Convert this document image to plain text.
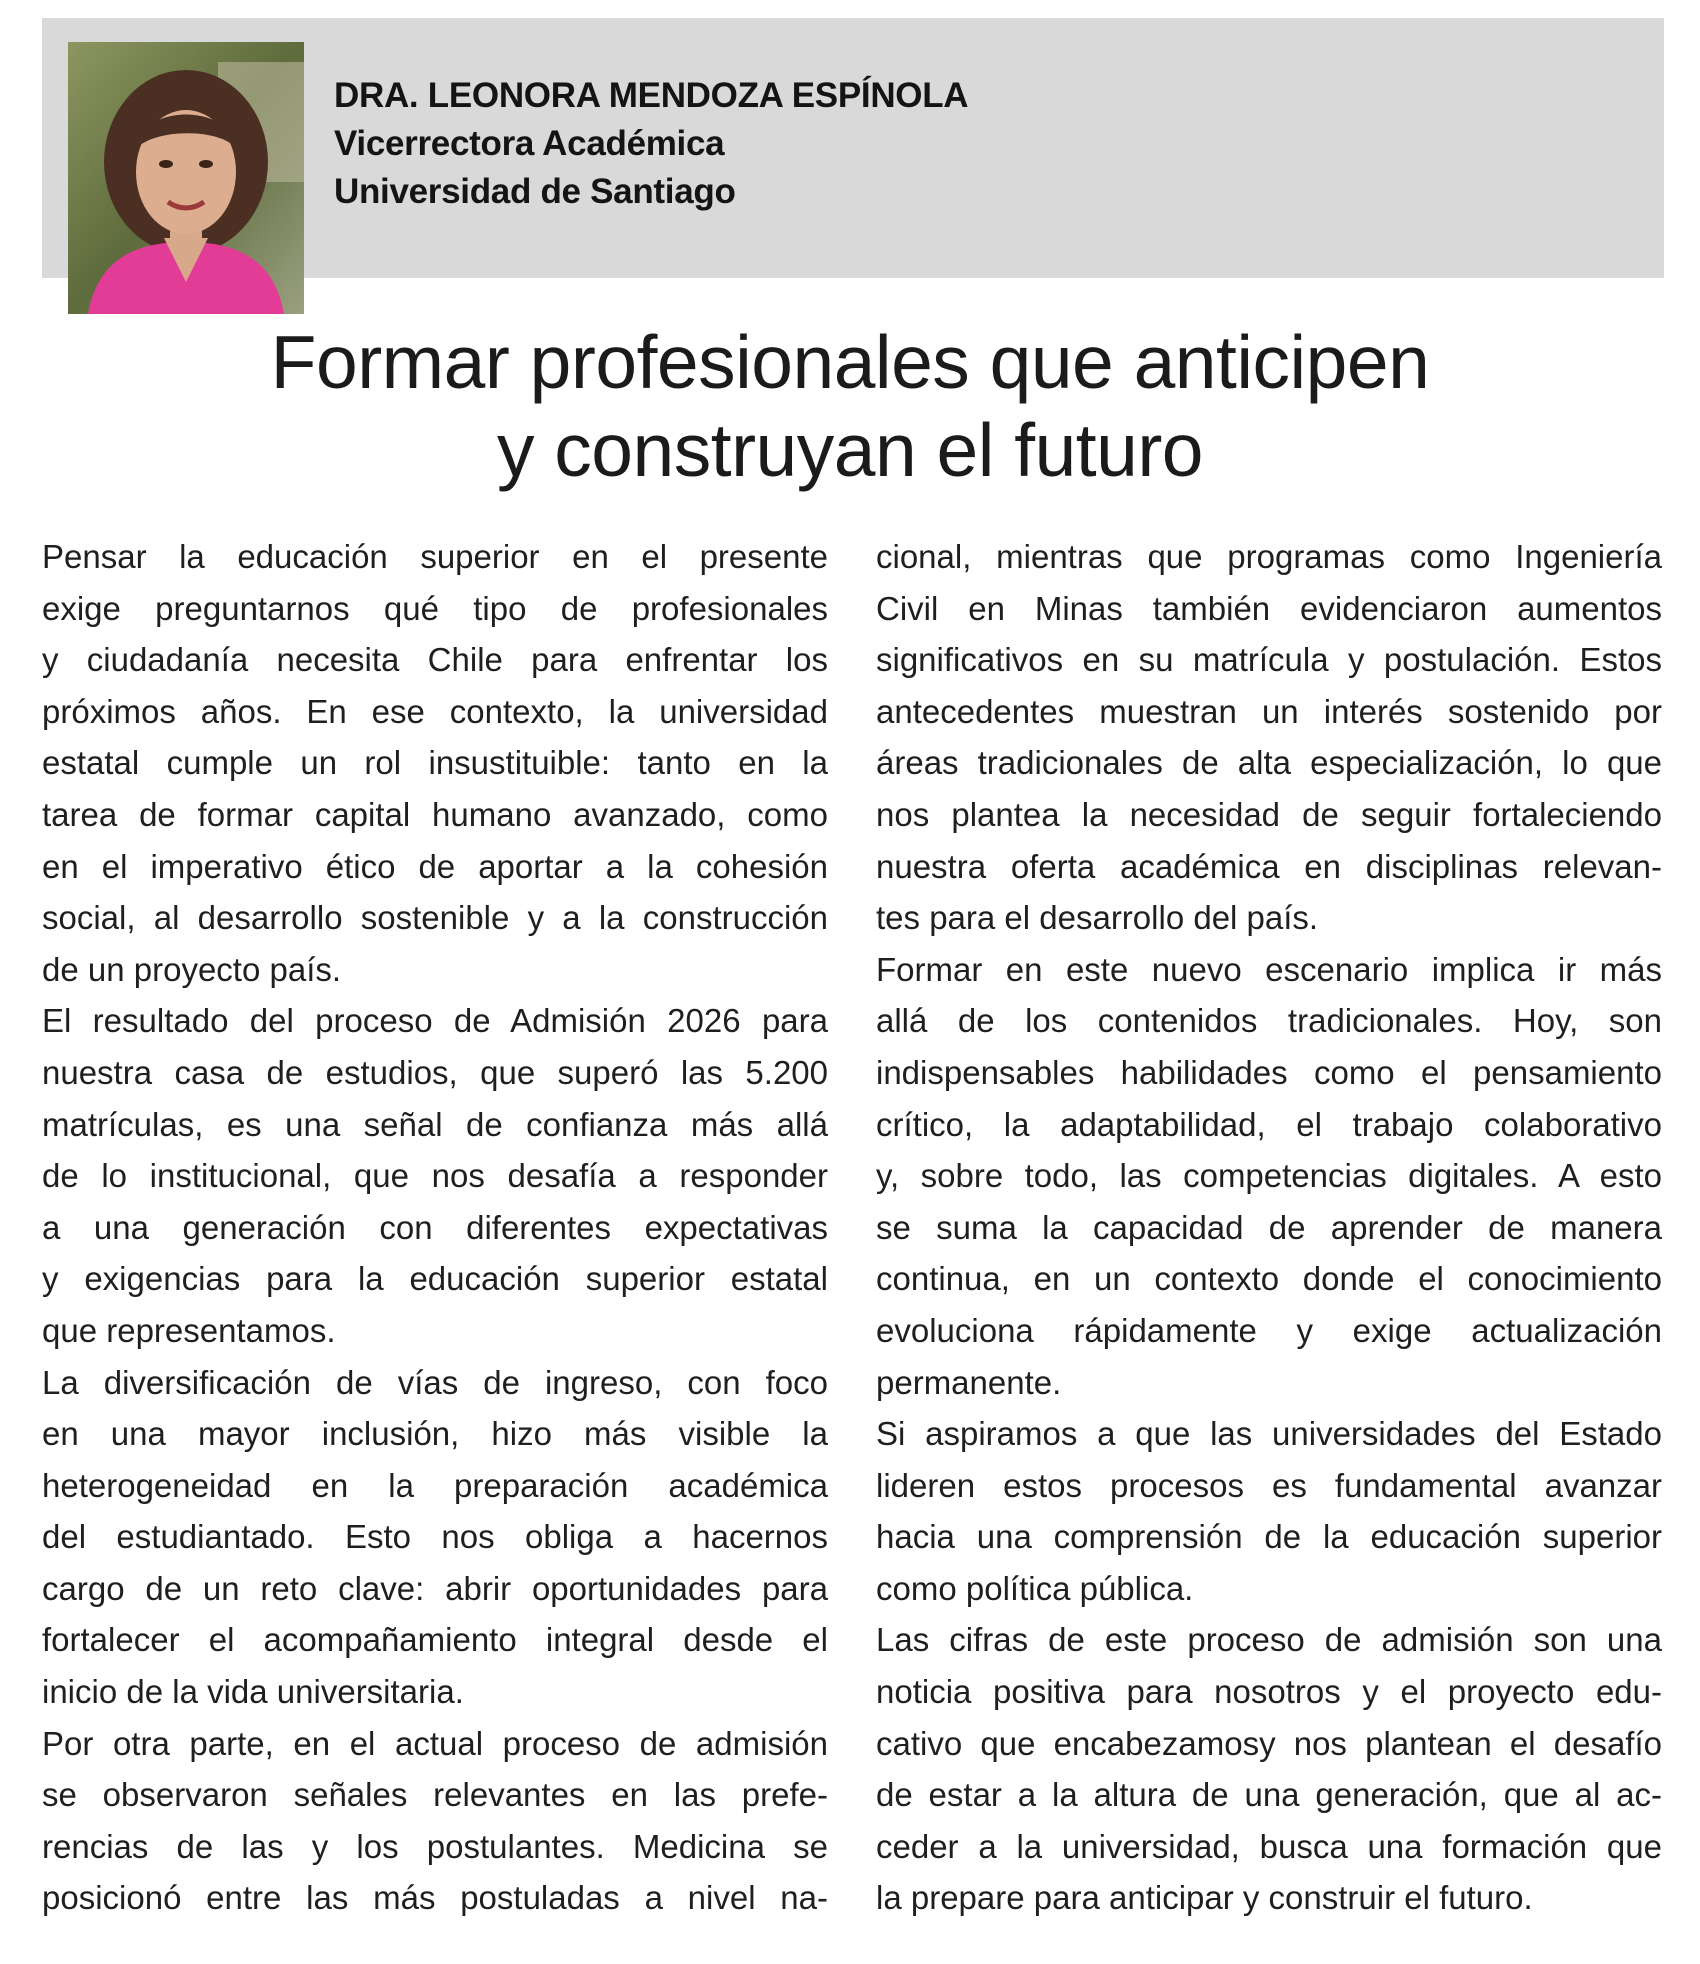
DRA. LEONORA MENDOZA ESPÍNOLA
Vicerrectora Académica
Universidad de Santiago
Formar profesionales que anticipen
y construyan el futuro
Pensar la educación superior en el presente
exige preguntarnos qué tipo de profesionales
y ciudadanía necesita Chile para enfrentar los
próximos años. En ese contexto, la universidad
estatal cumple un rol insustituible: tanto en la
tarea de formar capital humano avanzado, como
en el imperativo ético de aportar a la cohesión
social, al desarrollo sostenible y a la construcción
de un proyecto país.
El resultado del proceso de Admisión 2026 para
nuestra casa de estudios, que superó las 5.200
matrículas, es una señal de confianza más allá
de lo institucional, que nos desafía a responder
a una generación con diferentes expectativas
y exigencias para la educación superior estatal
que representamos.
La diversificación de vías de ingreso, con foco
en una mayor inclusión, hizo más visible la
heterogeneidad en la preparación académica
del estudiantado. Esto nos obliga a hacernos
cargo de un reto clave: abrir oportunidades para
fortalecer el acompañamiento integral desde el
inicio de la vida universitaria.
Por otra parte, en el actual proceso de admisión
se observaron señales relevantes en las prefe-
rencias de las y los postulantes. Medicina se
posicionó entre las más postuladas a nivel na-
cional, mientras que programas como Ingeniería
Civil en Minas también evidenciaron aumentos
significativos en su matrícula y postulación. Estos
antecedentes muestran un interés sostenido por
áreas tradicionales de alta especialización, lo que
nos plantea la necesidad de seguir fortaleciendo
nuestra oferta académica en disciplinas relevan-
tes para el desarrollo del país.
Formar en este nuevo escenario implica ir más
allá de los contenidos tradicionales. Hoy, son
indispensables habilidades como el pensamiento
crítico, la adaptabilidad, el trabajo colaborativo
y, sobre todo, las competencias digitales. A esto
se suma la capacidad de aprender de manera
continua, en un contexto donde el conocimiento
evoluciona rápidamente y exige actualización
permanente.
Si aspiramos a que las universidades del Estado
lideren estos procesos es fundamental avanzar
hacia una comprensión de la educación superior
como política pública.
Las cifras de este proceso de admisión son una
noticia positiva para nosotros y el proyecto edu-
cativo que encabezamosy nos plantean el desafío
de estar a la altura de una generación, que al ac-
ceder a la universidad, busca una formación que
la prepare para anticipar y construir el futuro.
